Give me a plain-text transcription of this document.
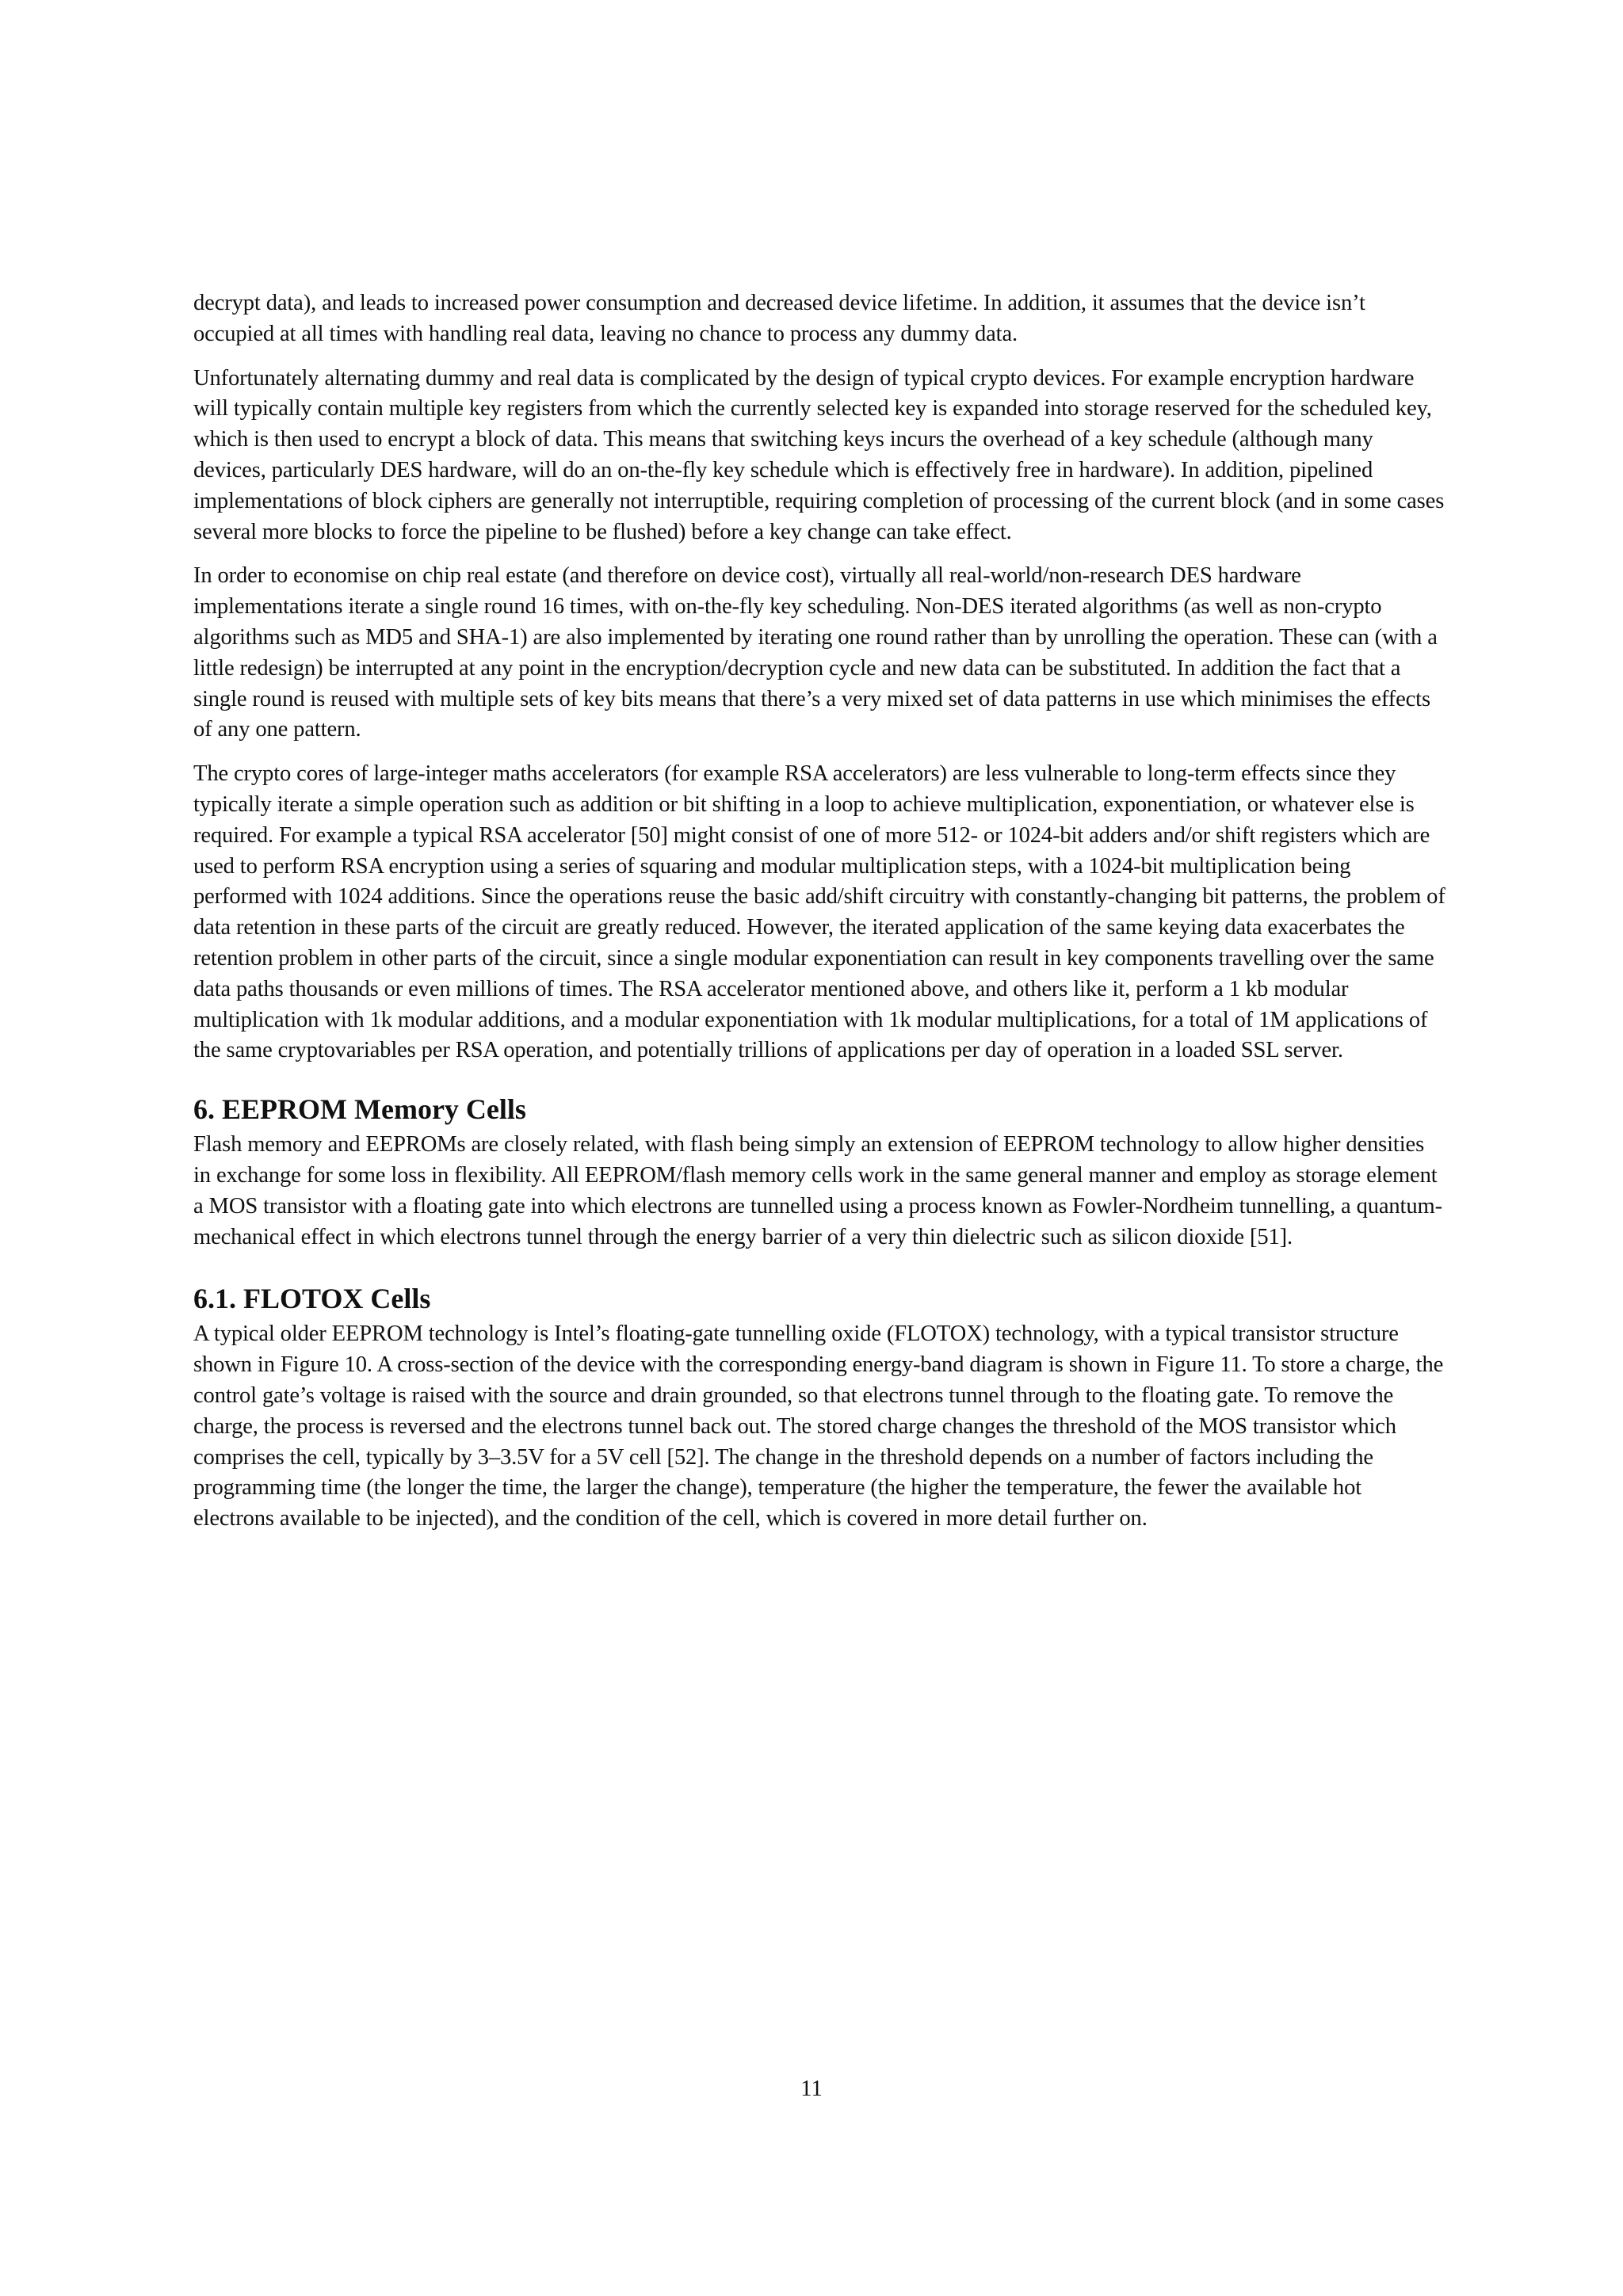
decrypt data), and leads to increased power consumption and decreased device lifetime. In addition, it assumes that the device isn’t occupied at all times with handling real data, leaving no chance to process any dummy data.

Unfortunately alternating dummy and real data is complicated by the design of typical crypto devices. For example encryption hardware will typically contain multiple key registers from which the currently selected key is expanded into storage reserved for the scheduled key, which is then used to encrypt a block of data. This means that switching keys incurs the overhead of a key schedule (although many devices, particularly DES hardware, will do an on-the-fly key schedule which is effectively free in hardware). In addition, pipelined implementations of block ciphers are generally not interruptible, requiring completion of processing of the current block (and in some cases several more blocks to force the pipeline to be flushed) before a key change can take effect.

In order to economise on chip real estate (and therefore on device cost), virtually all real-world/non-research DES hardware implementations iterate a single round 16 times, with on-the-fly key scheduling. Non-DES iterated algorithms (as well as non-crypto algorithms such as MD5 and SHA-1) are also implemented by iterating one round rather than by unrolling the operation. These can (with a little redesign) be interrupted at any point in the encryption/decryption cycle and new data can be substituted. In addition the fact that a single round is reused with multiple sets of key bits means that there’s a very mixed set of data patterns in use which minimises the effects of any one pattern.

The crypto cores of large-integer maths accelerators (for example RSA accelerators) are less vulnerable to long-term effects since they typically iterate a simple operation such as addition or bit shifting in a loop to achieve multiplication, exponentiation, or whatever else is required. For example a typical RSA accelerator [50] might consist of one of more 512- or 1024-bit adders and/or shift registers which are used to perform RSA encryption using a series of squaring and modular multiplication steps, with a 1024-bit multiplication being performed with 1024 additions. Since the operations reuse the basic add/shift circuitry with constantly-changing bit patterns, the problem of data retention in these parts of the circuit are greatly reduced. However, the iterated application of the same keying data exacerbates the retention problem in other parts of the circuit, since a single modular exponentiation can result in key components travelling over the same data paths thousands or even millions of times. The RSA accelerator mentioned above, and others like it, perform a 1 kb modular multiplication with 1k modular additions, and a modular exponentiation with 1k modular multiplications, for a total of 1M applications of the same cryptovariables per RSA operation, and potentially trillions of applications per day of operation in a loaded SSL server.

6. EEPROM Memory Cells

Flash memory and EEPROMs are closely related, with flash being simply an extension of EEPROM technology to allow higher densities in exchange for some loss in flexibility. All EEPROM/flash memory cells work in the same general manner and employ as storage element a MOS transistor with a floating gate into which electrons are tunnelled using a process known as Fowler-Nordheim tunnelling, a quantum-mechanical effect in which electrons tunnel through the energy barrier of a very thin dielectric such as silicon dioxide [51].

6.1. FLOTOX Cells

A typical older EEPROM technology is Intel’s floating-gate tunnelling oxide (FLOTOX) technology, with a typical transistor structure shown in Figure 10. A cross-section of the device with the corresponding energy-band diagram is shown in Figure 11. To store a charge, the control gate’s voltage is raised with the source and drain grounded, so that electrons tunnel through to the floating gate. To remove the charge, the process is reversed and the electrons tunnel back out. The stored charge changes the threshold of the MOS transistor which comprises the cell, typically by 3–3.5V for a 5V cell [52]. The change in the threshold depends on a number of factors including the programming time (the longer the time, the larger the change), temperature (the higher the temperature, the fewer the available hot electrons available to be injected), and the condition of the cell, which is covered in more detail further on.

11
